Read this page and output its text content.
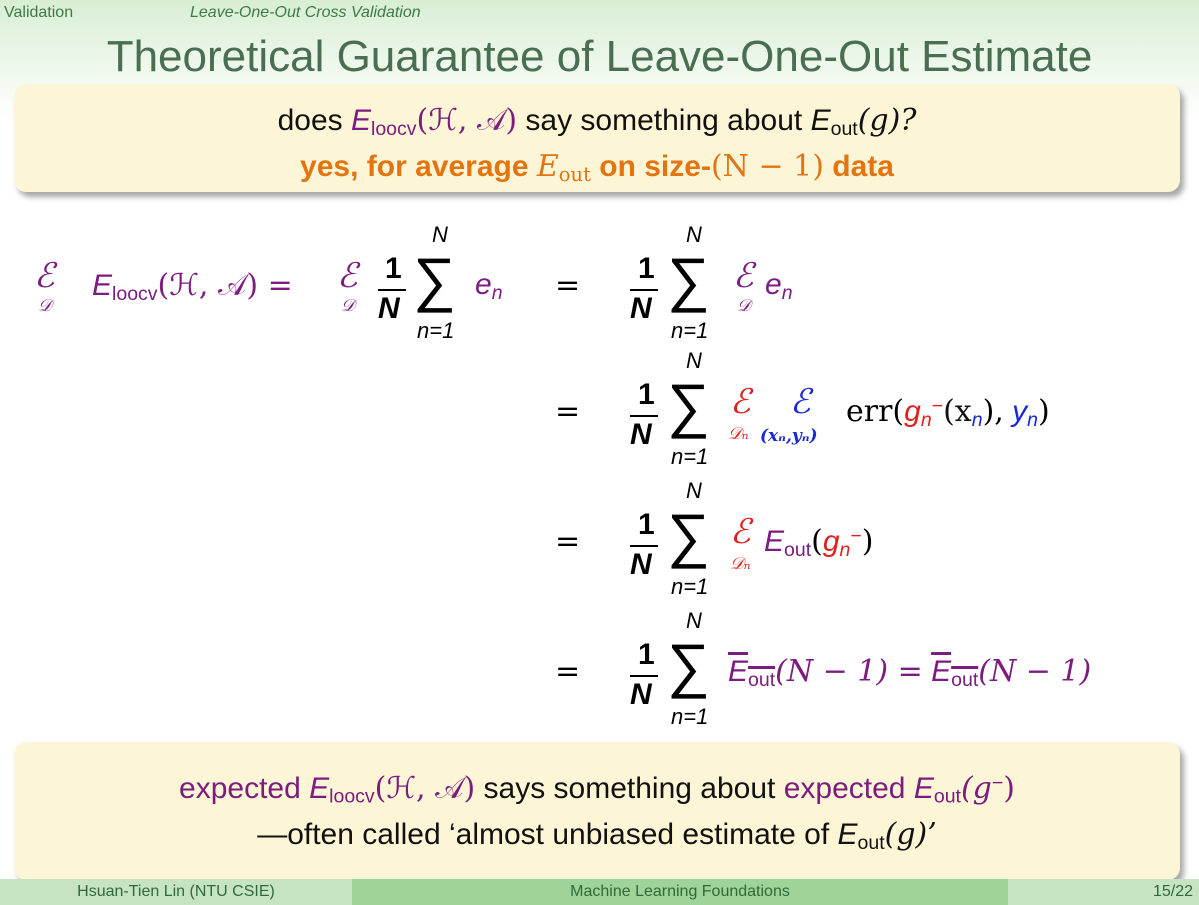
Validation	Leave-One-Out Cross Validation
Theoretical Guarantee of Leave-One-Out Estimate
does $E_{loocv}(ℋ$, 𝒜) say something about $E_{out}(g)$?
yes, for average $E_{out}$ on size-(N − 1) data
ℰ
𝒟
$E_{loocv}(ℋ$, 𝒜) = ℰ
𝒟
1
N
N
∑
n=1
$e_n = 1$
N
N
∑
n=1
ℰ
𝒟
$e_n$
= 1
N
N
∑
n=1
ℰ
𝒟ₙ
ℰ
(xₙ,yₙ)
$err(g_n^-(x_n)$, $y_n$)
= 1
N
N
∑
n=1
ℰ
𝒟ₙ
$E_{out}(g_n^-)$
= 1
N
N
∑
n=1
$E_{out}(N - 1) = E_{out}(N - 1)$
expected $E_{loocv}(ℋ$, 𝒜) says something about expected $E_{out}(g^-)$
—often called ‘almost unbiased estimate of $E_{out}(g)$’
Hsuan-Tien Lin (NTU CSIE)	Machine Learning Foundations	15/22
